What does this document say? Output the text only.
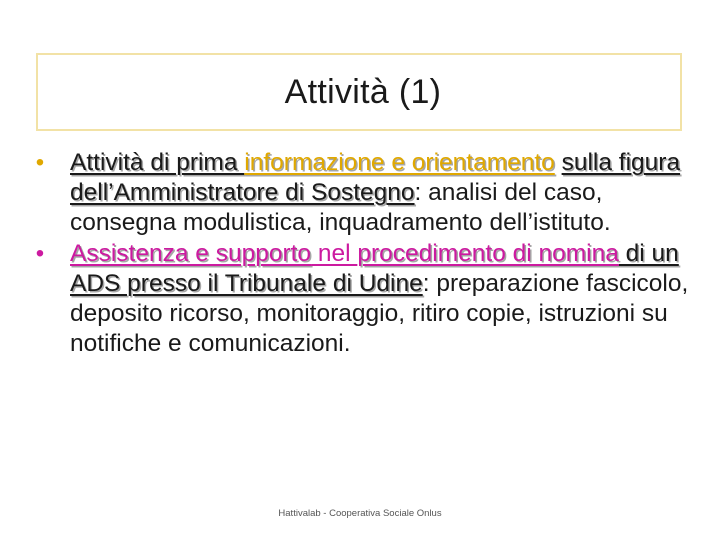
Attività (1)

• Attività di prima informazione e orientamento sulla figura dell’Amministratore di Sostegno: analisi del caso, consegna modulistica, inquadramento dell’istituto.

• Assistenza e supporto nel procedimento di nomina di un ADS presso il Tribunale di Udine: preparazione fascicolo, deposito ricorso, monitoraggio, ritiro copie, istruzioni su notifiche e comunicazioni.

Hattivalab - Cooperativa Sociale Onlus
